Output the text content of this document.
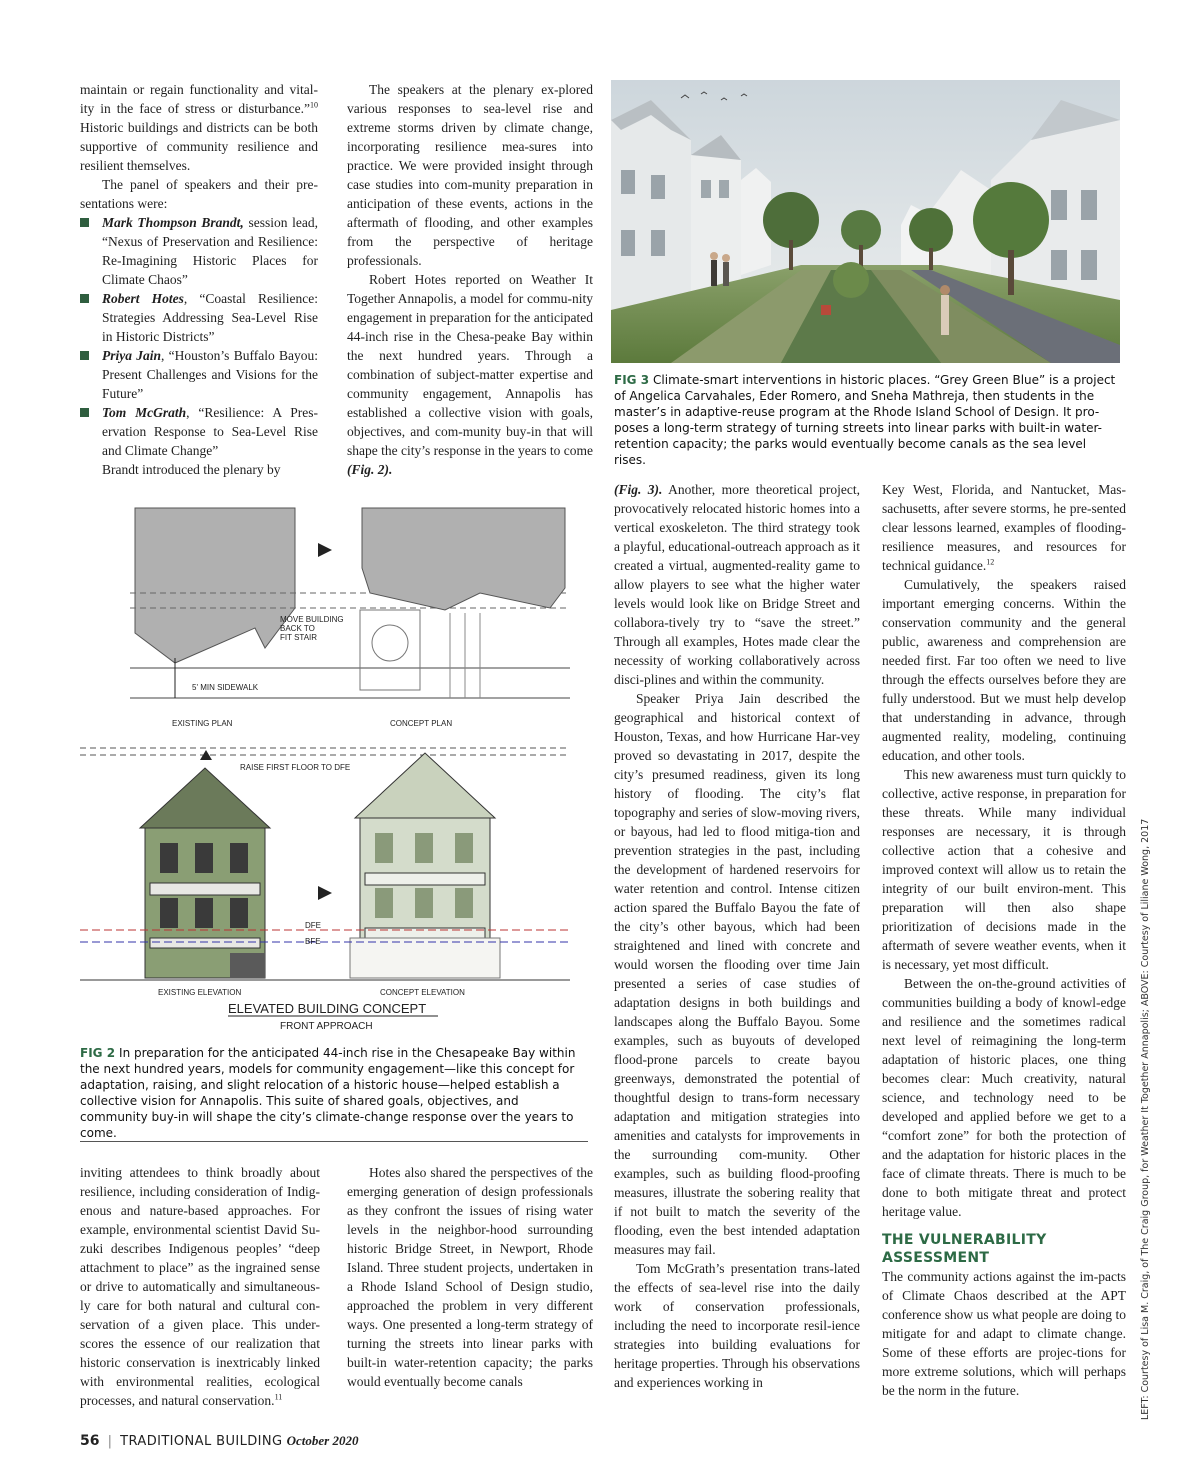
maintain or regain functionality and vital-ity in the face of stress or disturbance.”$^{10}$ Historic buildings and districts can be both supportive of community resilience and resilient themselves.

The panel of speakers and their pre-sentations were:

Mark Thompson Brandt, session lead, “Nexus of Preservation and Resilience: Re-Imagining Historic Places for Climate Chaos”
Robert Hotes, “Coastal Resilience: Strategies Addressing Sea-Level Rise in Historic Districts”
Priya Jain, “Houston’s Buffalo Bayou: Present Challenges and Visions for the Future”
Tom McGrath, “Resilience: A Pres-ervation Response to Sea-Level Rise and Climate Change”

Brandt introduced the plenary by

The speakers at the plenary ex-plored various responses to sea-level rise and extreme storms driven by climate change, incorporating resilience mea-sures into practice. We were provided insight through case studies into com-munity preparation in anticipation of these events, actions in the aftermath of flooding, and other examples from the perspective of heritage professionals.

Robert Hotes reported on Weather It Together Annapolis, a model for commu-nity engagement in preparation for the anticipated 44-inch rise in the Chesa-peake Bay within the next hundred years. Through a combination of subject-matter expertise and community engagement, Annapolis has established a collective vision with goals, objectives, and com-munity buy-in that will shape the city’s response in the years to come (Fig. 2).

FIG 3 Climate-smart interventions in historic places. “Grey Green Blue” is a project of Angelica Carvahales, Eder Romero, and Sneha Mathreja, then students in the master’s in adaptive-reuse program at the Rhode Island School of Design. It pro-poses a long-term strategy of turning streets into linear parks with built-in water-retention capacity; the parks would eventually become canals as the sea level rises.
MOVE BUILDING
BACK TO
FIT STAIR
5' MIN SIDEWALK
EXISTING PLAN	CONCEPT PLAN
RAISE FIRST FLOOR TO DFE
DFE
BFE
EXISTING ELEVATION	CONCEPT ELEVATION
ELEVATED BUILDING CONCEPT
FRONT APPROACH
FIG 2 In preparation for the anticipated 44-inch rise in the Chesapeake Bay within the next hundred years, models for community engagement—like this concept for adaptation, raising, and slight relocation of a historic house—helped establish a collective vision for Annapolis. This suite of shared goals, objectives, and community buy-in will shape the city’s climate-change response over the years to come.

(Fig. 3). Another, more theoretical project, provocatively relocated historic homes into a vertical exoskeleton. The third strategy took a playful, educational-outreach approach as it created a virtual, augmented-reality game to allow players to see what the higher water levels would look like on Bridge Street and collabora-tively try to “save the street.” Through all examples, Hotes made clear the necessity of working collaboratively across disci-plines and within the community.

Speaker Priya Jain described the geographical and historical context of Houston, Texas, and how Hurricane Har-vey proved so devastating in 2017, despite the city’s presumed readiness, given its long history of flooding. The city’s flat topography and series of slow-moving rivers, or bayous, had led to flood mitiga-tion and prevention strategies in the past, including the development of hardened reservoirs for water retention and control. Intense citizen action spared the Buffalo Bayou the fate of the city’s other bayous, which had been straightened and lined with concrete and would worsen the flooding over time Jain presented a series of case studies of adaptation designs in both buildings and landscapes along the Buffalo Bayou. Some examples, such as buyouts of developed flood-prone parcels to create bayou greenways, demonstrated the potential of thoughtful design to trans-form necessary adaptation and mitigation strategies into amenities and catalysts for improvements in the surrounding com-munity. Other examples, such as building flood-proofing measures, illustrate the sobering reality that if not built to match the severity of the flooding, even the best intended adaptation measures may fail.

Tom McGrath’s presentation trans-lated the effects of sea-level rise into the daily work of conservation professionals, including the need to incorporate resil-ience strategies into building evaluations for heritage properties. Through his observations and experiences working in

Key West, Florida, and Nantucket, Mas-sachusetts, after severe storms, he pre-sented clear lessons learned, examples of flooding-resilience measures, and resources for technical guidance.$^{12}$

Cumulatively, the speakers raised important emerging concerns. Within the conservation community and the general public, awareness and comprehension are needed first. Far too often we need to live through the effects ourselves before they are fully understood. But we must help develop that understanding in advance, through augmented reality, modeling, continuing education, and other tools.

This new awareness must turn quickly to collective, active response, in preparation for these threats. While many individual responses are necessary, it is through collective action that a cohesive and improved context will allow us to retain the integrity of our built environ-ment. This preparation will then also shape prioritization of decisions made in the aftermath of severe weather events, when it is necessary, yet most difficult.

Between the on-the-ground activities of communities building a body of knowl-edge and resilience and the sometimes radical next level of reimagining the long-term adaptation of historic places, one thing becomes clear: Much creativity, natural science, and technology need to be developed and applied before we get to a “comfort zone” for both the protection of and the adaptation for historic places in the face of climate threats. There is much to be done to both mitigate threat and protect heritage value.

THE VULNERABILITY
ASSESSMENT

The community actions against the im-pacts of Climate Chaos described at the APT conference show us what people are doing to mitigate for and adapt to climate change. Some of these efforts are projec-tions for more extreme solutions, which will perhaps be the norm in the future.

inviting attendees to think broadly about resilience, including consideration of Indig-enous and nature-based approaches. For example, environmental scientist David Su-zuki describes Indigenous peoples’ “deep attachment to place” as the ingrained sense or drive to automatically and simultaneous-ly care for both natural and cultural con-servation of a given place. This under-scores the essence of our realization that historic conservation is inextricably linked with environmental realities, ecological processes, and natural conservation.$^{11}$

Hotes also shared the perspectives of the emerging generation of design professionals as they confront the issues of rising water levels in the neighbor-hood surrounding historic Bridge Street, in Newport, Rhode Island. Three student projects, undertaken in a Rhode Island School of Design studio, approached the problem in very different ways. One presented a long-term strategy of turning the streets into linear parks with built-in water-retention capacity; the parks would eventually become canals

56 | TRADITIONAL BUILDING October 2020
LEFT: Courtesy of Lisa M. Craig, of The Craig Group, for Weather It Together Annapolis; ABOVE: Courtesy of Liliane Wong, 2017
